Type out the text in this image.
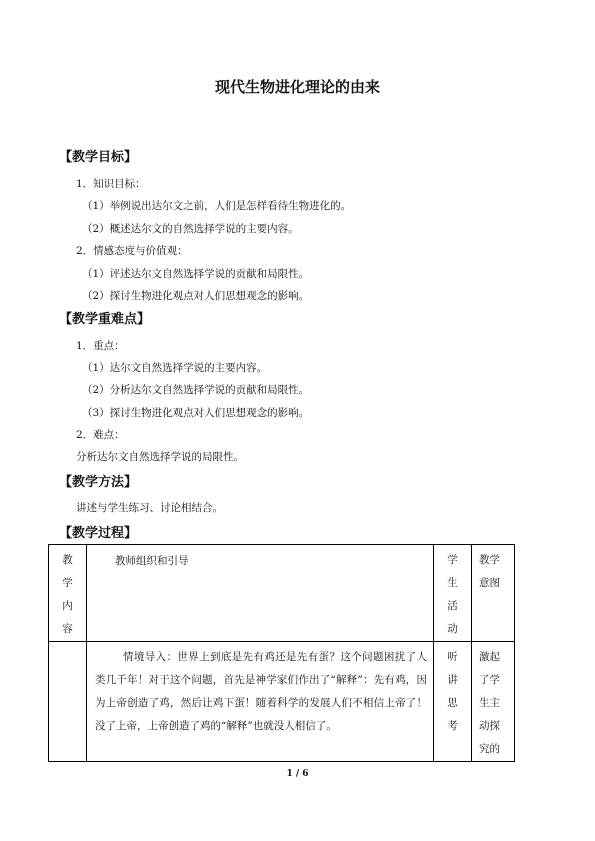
现代生物进化理论的由来
【教学目标】
1．知识目标：
（1）举例说出达尔文之前，人们是怎样看待生物进化的。
（2）概述达尔文的自然选择学说的主要内容。
2．情感态度与价值观：
（1）评述达尔文自然选择学说的贡献和局限性。
（2）探讨生物进化观点对人们思想观念的影响。
【教学重难点】
1．重点：
（1）达尔文自然选择学说的主要内容。
（2）分析达尔文自然选择学说的贡献和局限性。
（3）探讨生物进化观点对人们思想观念的影响。
2．难点：
分析达尔文自然选择学说的局限性。
【教学方法】
讲述与学生练习、讨论相结合。
【教学过程】
教学内容	教师组织和引导	学生活动	教学意图

	情境导入：世界上到底是先有鸡还是先有蛋？这个问题困扰了人类几千年！对于这个问题，首先是神学家们作出了“解释”：先有鸡，因为上帝创造了鸡，然后让鸡下蛋！随着科学的发展人们不相信上帝了！没了上帝，上帝创造了鸡的“解释”也就没人相信了。	听讲思考	激起了学生主动探究的
1 / 6
